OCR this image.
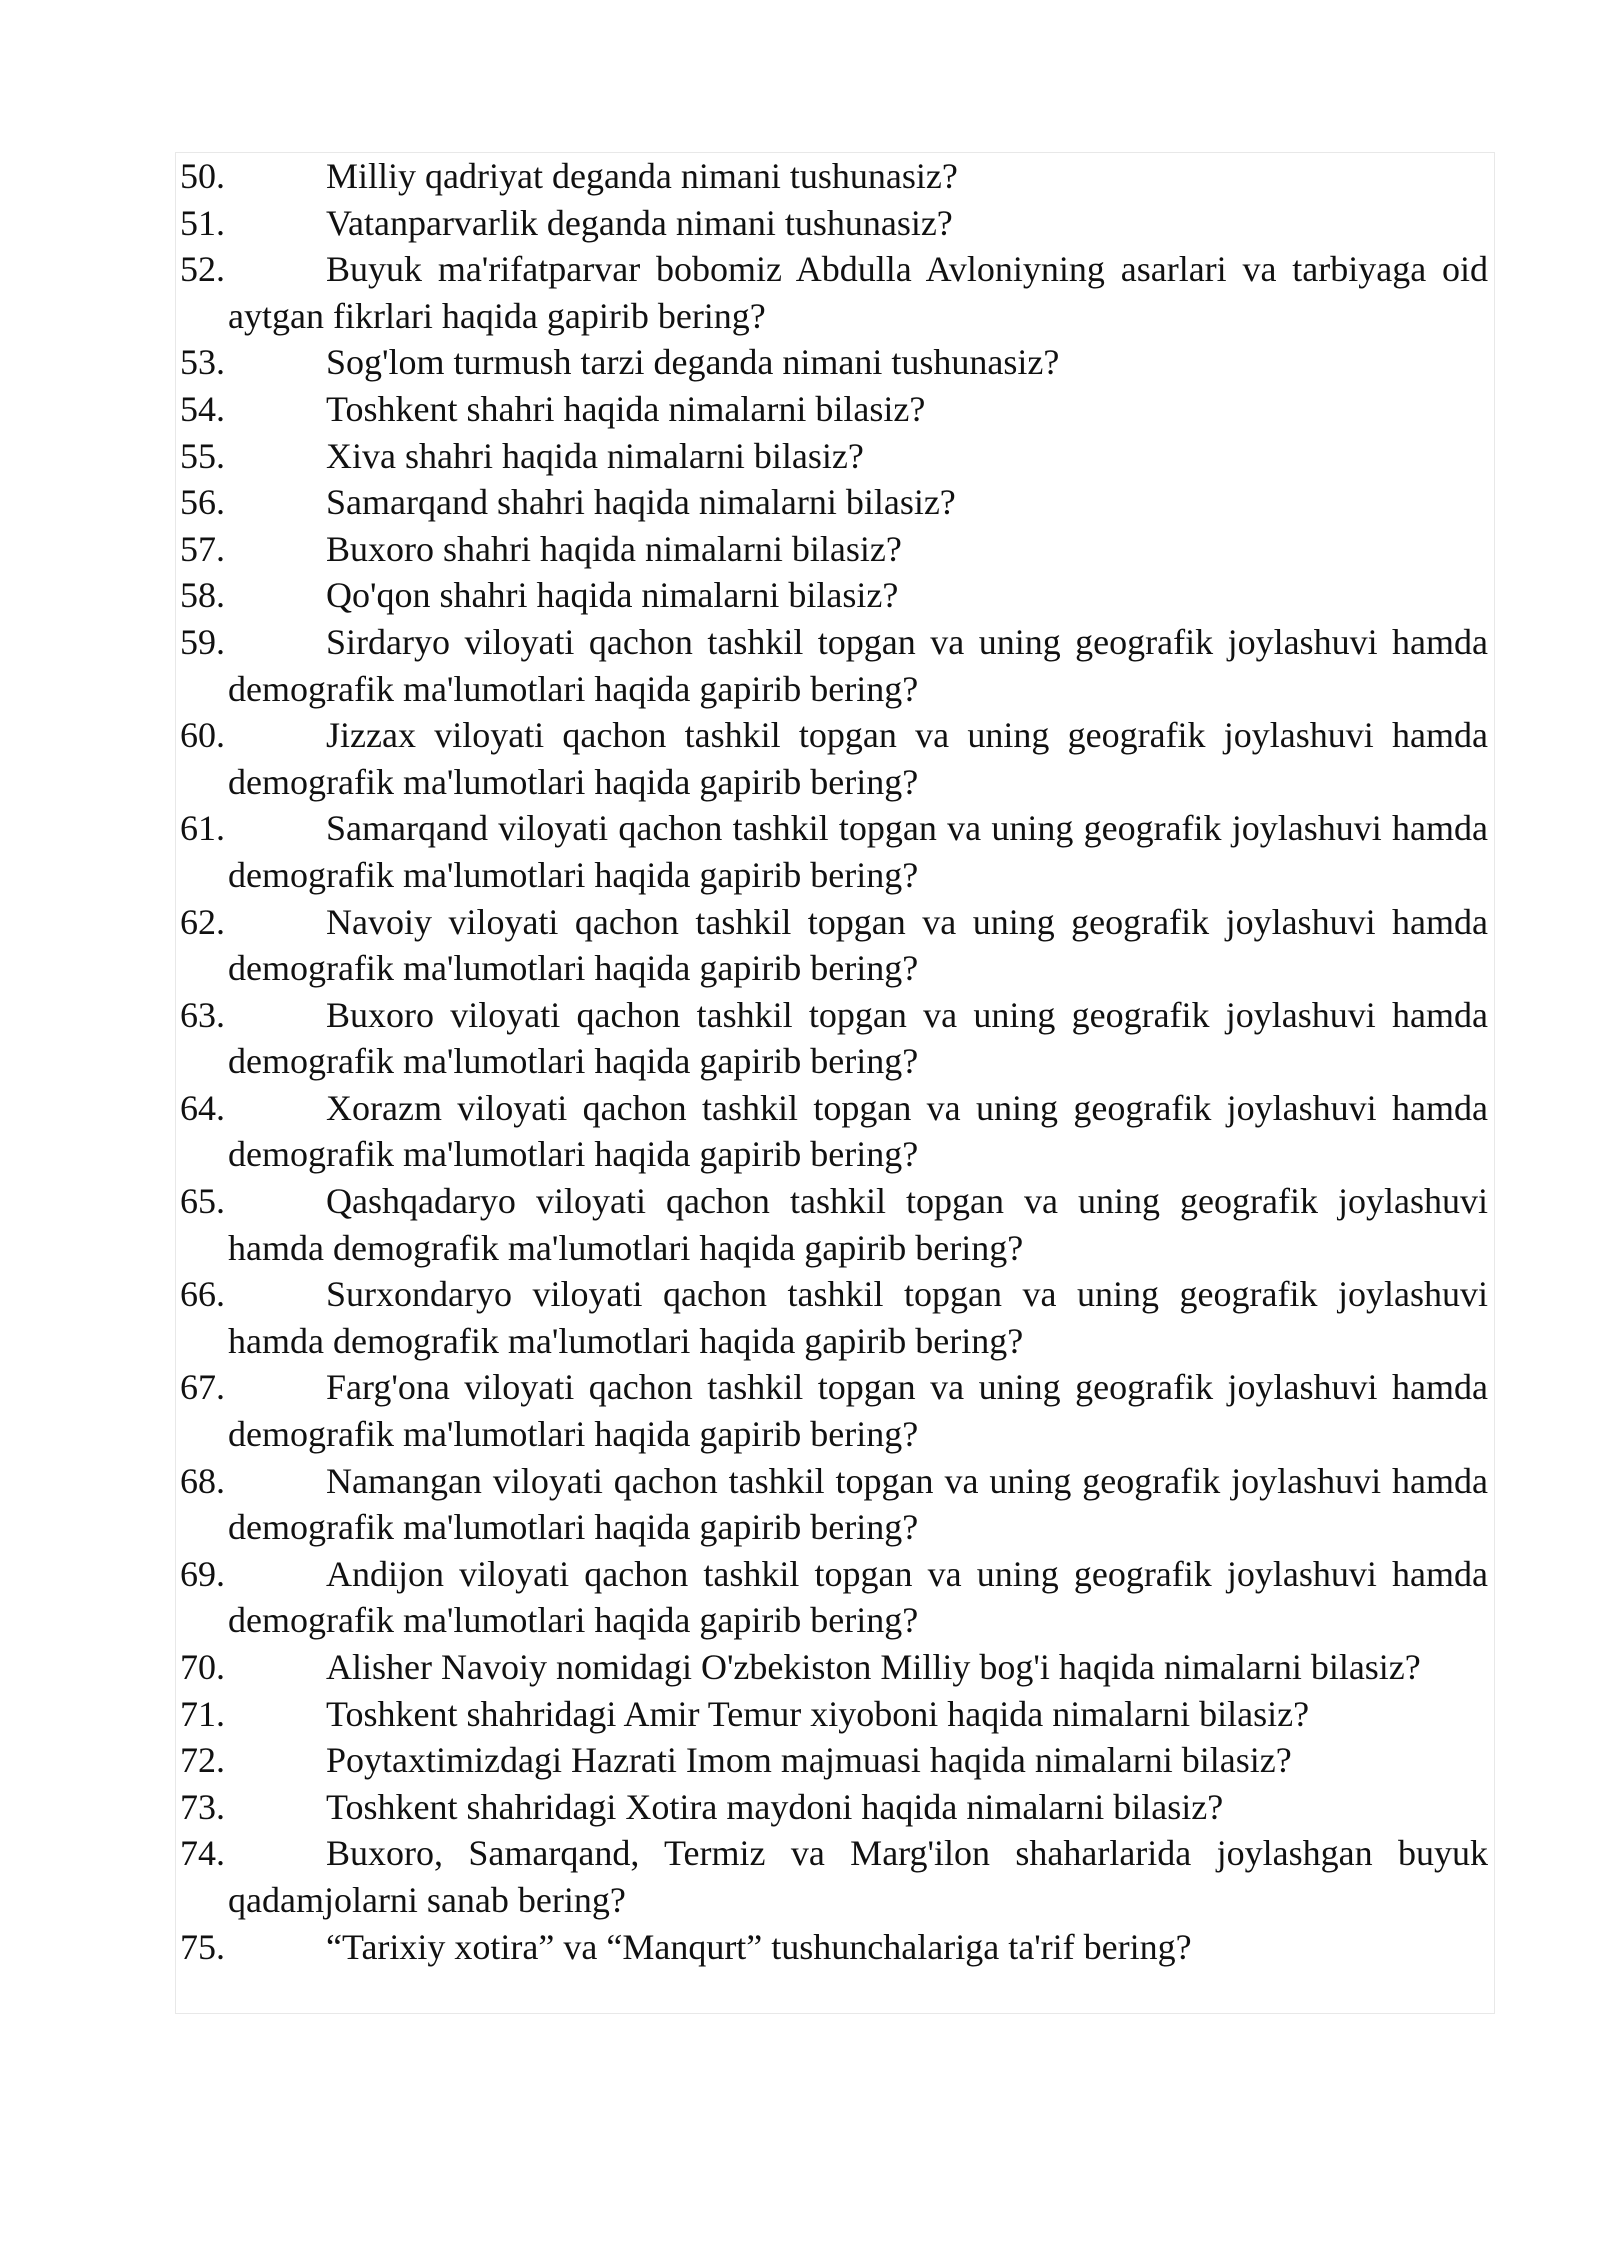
50.	Milliy qadriyat deganda nimani tushunasiz?
51.	Vatanparvarlik deganda nimani tushunasiz?
52.	Buyuk ma'rifatparvar bobomiz Abdulla Avloniyning asarlari va tarbiyaga oid aytgan fikrlari haqida gapirib bering?
53.	Sog'lom turmush tarzi deganda nimani tushunasiz?
54.	Toshkent shahri haqida nimalarni bilasiz?
55.	Xiva shahri haqida nimalarni bilasiz?
56.	Samarqand shahri haqida nimalarni bilasiz?
57.	Buxoro shahri haqida nimalarni bilasiz?
58.	Qo'qon shahri haqida nimalarni bilasiz?
59.	Sirdaryo viloyati qachon tashkil topgan va uning geografik joylashuvi hamda demografik ma'lumotlari haqida gapirib bering?
60.	Jizzax viloyati qachon tashkil topgan va uning geografik joylashuvi hamda demografik ma'lumotlari haqida gapirib bering?
61.	Samarqand viloyati qachon tashkil topgan va uning geografik joylashuvi hamda demografik ma'lumotlari haqida gapirib bering?
62.	Navoiy viloyati qachon tashkil topgan va uning geografik joylashuvi hamda demografik ma'lumotlari haqida gapirib bering?
63.	Buxoro viloyati qachon tashkil topgan va uning geografik joylashuvi hamda demografik ma'lumotlari haqida gapirib bering?
64.	Xorazm viloyati qachon tashkil topgan va uning geografik joylashuvi hamda demografik ma'lumotlari haqida gapirib bering?
65.	Qashqadaryo viloyati qachon tashkil topgan va uning geografik joylashuvi hamda demografik ma'lumotlari haqida gapirib bering?
66.	Surxondaryo viloyati qachon tashkil topgan va uning geografik joylashuvi hamda demografik ma'lumotlari haqida gapirib bering?
67.	Farg'ona viloyati qachon tashkil topgan va uning geografik joylashuvi hamda demografik ma'lumotlari haqida gapirib bering?
68.	Namangan viloyati qachon tashkil topgan va uning geografik joylashuvi hamda demografik ma'lumotlari haqida gapirib bering?
69.	Andijon viloyati qachon tashkil topgan va uning geografik joylashuvi hamda demografik ma'lumotlari haqida gapirib bering?
70.	Alisher Navoiy nomidagi O'zbekiston Milliy bog'i haqida nimalarni bilasiz?
71.	Toshkent shahridagi Amir Temur xiyoboni haqida nimalarni bilasiz?
72.	Poytaxtimizdagi Hazrati Imom majmuasi haqida nimalarni bilasiz?
73.	Toshkent shahridagi Xotira maydoni haqida nimalarni bilasiz?
74.	Buxoro, Samarqand, Termiz va Marg'ilon shaharlarida joylashgan buyuk qadamjolarni sanab bering?
75.	“Tarixiy xotira” va “Manqurt” tushunchalariga ta'rif bering?
